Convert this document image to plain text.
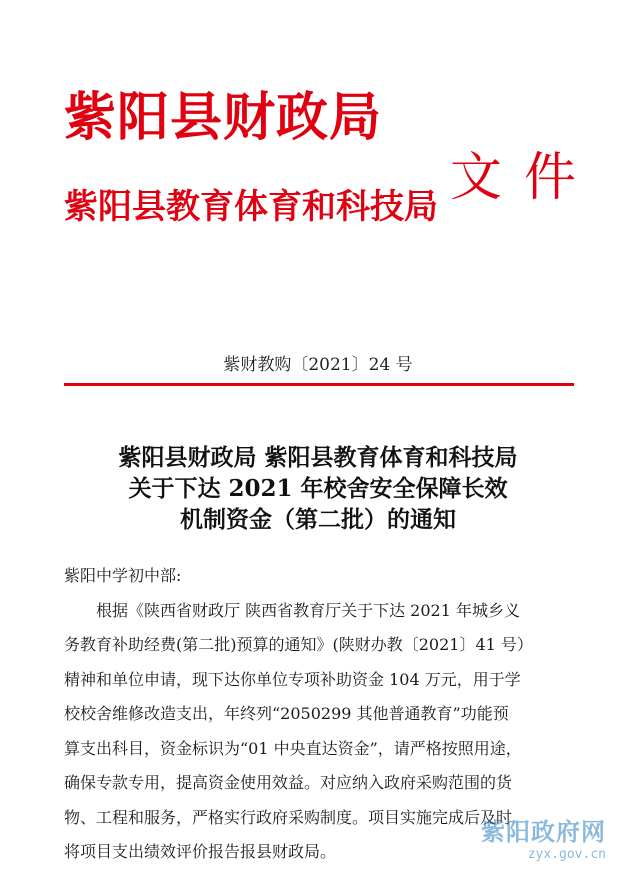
紫阳县财政局
紫阳县教育体育和科技局 文件
紫财教购〔2021〕24 号
紫阳县财政局 紫阳县教育体育和科技局
关于下达 2021 年校舍安全保障长效
机制资金（第二批）的通知
紫阳中学初中部:
根据《陕西省财政厅 陕西省教育厅关于下达 2021 年城乡义
务教育补助经费(第二批)预算的通知》(陕财办教〔2021〕41 号）
精神和单位申请，现下达你单位专项补助资金 104 万元，用于学
校校舍维修改造支出，年终列“2050299 其他普通教育”功能预
算支出科目，资金标识为“01 中央直达资金”，请严格按照用途，
确保专款专用，提高资金使用效益。对应纳入政府采购范围的货
物、工程和服务，严格实行政府采购制度。项目实施完成后及时
将项目支出绩效评价报告报县财政局。
紫阳政府网
zyx.gov.cn
